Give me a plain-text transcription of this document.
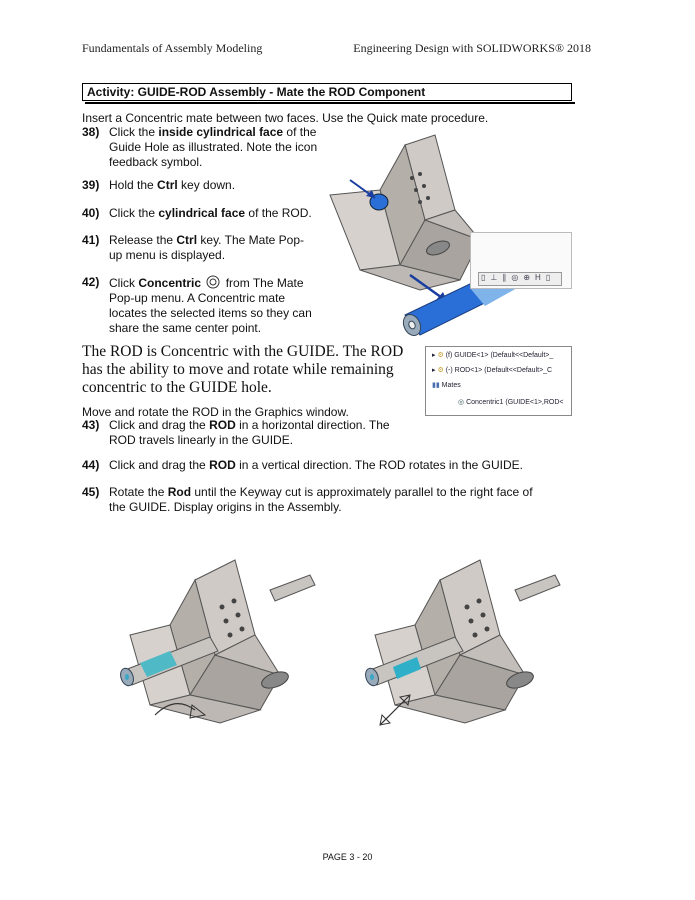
Fundamentals of Assembly Modeling	Engineering Design with SOLIDWORKS® 2018
Activity: GUIDE-ROD Assembly - Mate the ROD Component
Insert a Concentric mate between two faces. Use the Quick mate procedure.
38) Click the inside cylindrical face of the Guide Hole as illustrated. Note the icon feedback symbol.
39) Hold the Ctrl key down.
40) Click the cylindrical face of the ROD.
41) Release the Ctrl key. The Mate Pop-up menu is displayed.
42) Click Concentric  from The Mate Pop-up menu. A Concentric mate locates the selected items so they can share the same center point.
▯⊥∥◎⊕H▯
The ROD is Concentric with the GUIDE. The ROD has the ability to move and rotate while remaining concentric to the GUIDE hole.
▸ ⚙ (f) GUIDE<1> (Default<<Default>_
▸ ⚙ (-) ROD<1> (Default<<Default>_C
▮▮ Mates
◎ Concentric1 (GUIDE<1>,ROD<
Move and rotate the ROD in the Graphics window.
43) Click and drag the ROD in a horizontal direction. The ROD travels linearly in the GUIDE.
44) Click and drag the ROD in a vertical direction. The ROD rotates in the GUIDE.
45) Rotate the Rod until the Keyway cut is approximately parallel to the right face of the GUIDE. Display origins in the Assembly.
PAGE 3 - 20
